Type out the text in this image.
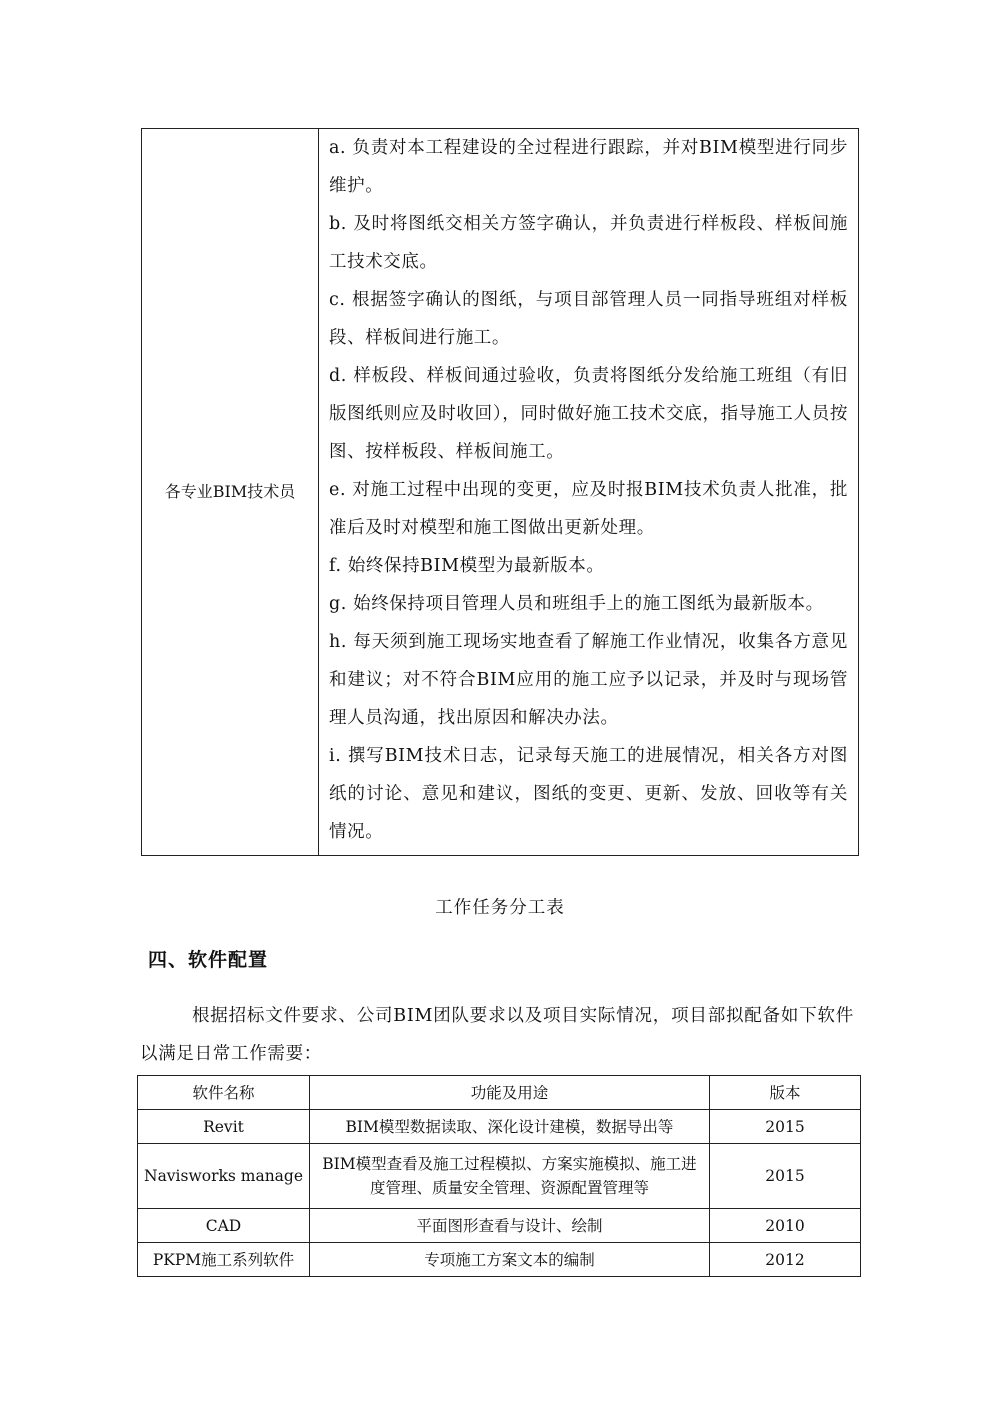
各专业BIM技术员	

a. 负责对本工程建设的全过程进行跟踪，并对BIM模型进行同步维护。

b. 及时将图纸交相关方签字确认，并负责进行样板段、样板间施工技术交底。

c. 根据签字确认的图纸，与项目部管理人员一同指导班组对样板段、样板间进行施工。

d. 样板段、样板间通过验收，负责将图纸分发给施工班组（有旧版图纸则应及时收回），同时做好施工技术交底，指导施工人员按图、按样板段、样板间施工。

e. 对施工过程中出现的变更，应及时报BIM技术负责人批准，批准后及时对模型和施工图做出更新处理。

f. 始终保持BIM模型为最新版本。

g. 始终保持项目管理人员和班组手上的施工图纸为最新版本。

h. 每天须到施工现场实地查看了解施工作业情况，收集各方意见和建议；对不符合BIM应用的施工应予以记录，并及时与现场管理人员沟通，找出原因和解决办法。

i. 撰写BIM技术日志，记录每天施工的进展情况，相关各方对图纸的讨论、意见和建议，图纸的变更、更新、发放、回收等有关情况。

工作任务分工表
四、软件配置

根据招标文件要求、公司BIM团队要求以及项目实际情况，项目部拟配备如下软件以满足日常工作需要：

软件名称	功能及用途	版本
Revit	BIM模型数据读取、深化设计建模，数据导出等	2015
Navisworks manage	BIM模型查看及施工过程模拟、方案实施模拟、施工进度管理、质量安全管理、资源配置管理等	2015
CAD	平面图形查看与设计、绘制	2010
PKPM施工系列软件	专项施工方案文本的编制	2012
